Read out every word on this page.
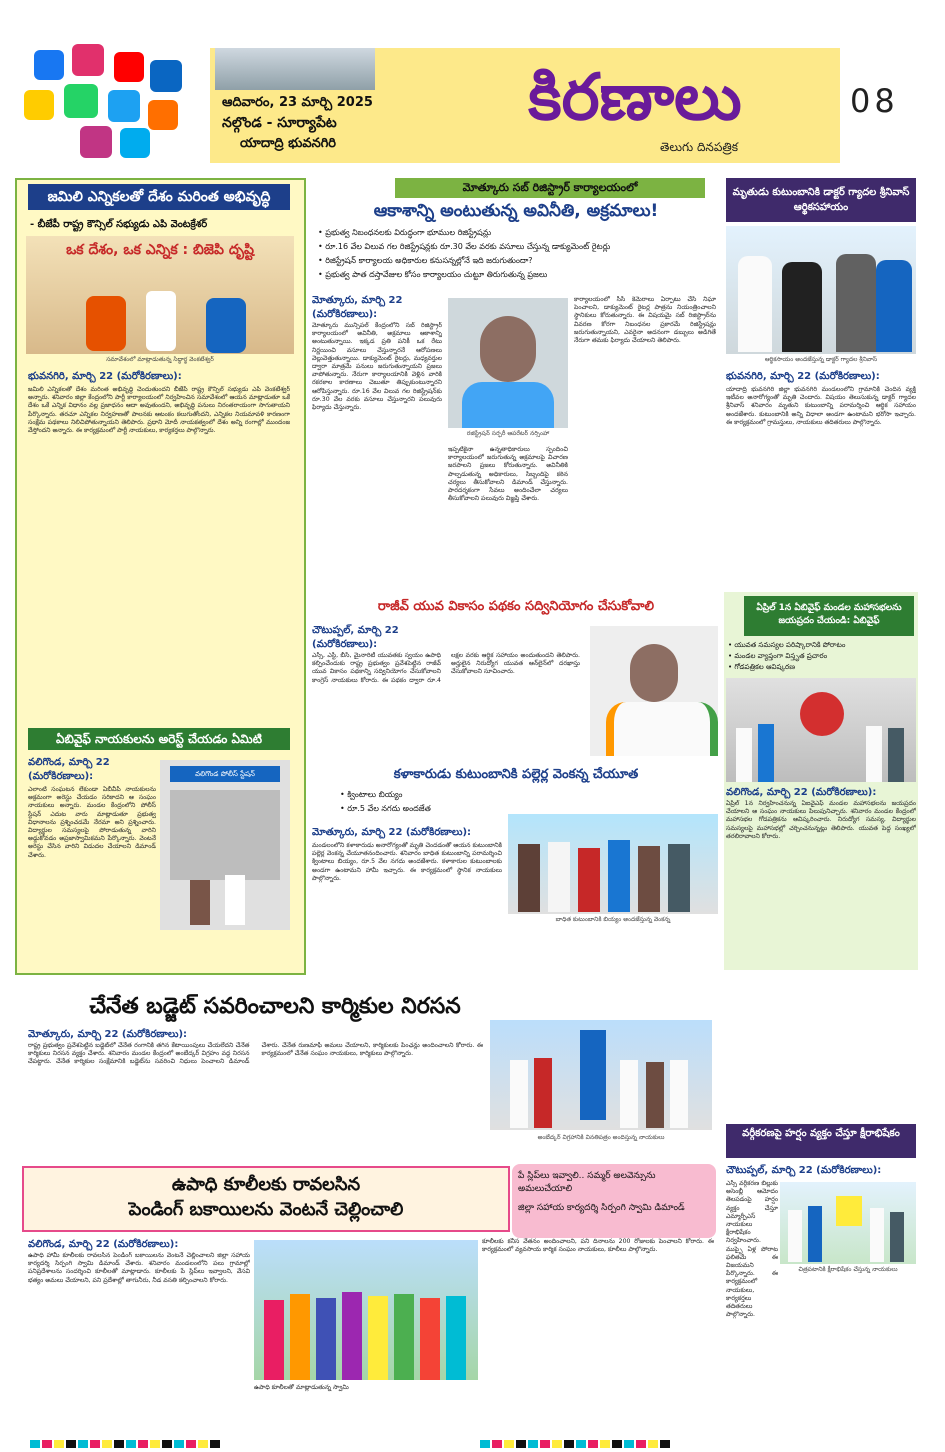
ఆదివారం, 23 మార్చి 2025
నల్గొండ - సూర్యాపేట
యాదాద్రి భువనగిరి
కిరణాలు
తెలుగు దినపత్రిక
08
జమిలి ఎన్నికలతో దేశం మరింత అభివృద్ధి
- బీజేపీ రాష్ట్ర కౌన్సిల్ సభ్యుడు ఎపి వెంటక్రేశర్
ఒక దేశం, ఒక ఎన్నిక : బిజెపి దృష్టి
సమావేశంలో మాట్లాడుతున్న సిద్ధార్థ వెంకటేశ్వర్
భువనగిరి, మార్చి 22 (మరోకిరణాలు):
జమిలి ఎన్నికలతో దేశం మరింత అభివృద్ధి చెందుతుందని బీజేపీ రాష్ట్ర కౌన్సిల్ సభ్యుడు ఎపి వెంకటేశ్వర్ అన్నారు. శనివారం జిల్లా కేంద్రంలోని పార్టీ కార్యాలయంలో నిర్వహించిన సమావేశంలో ఆయన మాట్లాడుతూ ఒకే దేశం ఒకే ఎన్నిక విధానం వల్ల ప్రజాధనం ఆదా అవుతుందని, అభివృద్ధి పనులు నిరంతరాయంగా సాగుతాయని పేర్కొన్నారు. తరచూ ఎన్నికల నిర్వహణతో పాలనకు ఆటంకం కలుగుతోందని, ఎన్నికల నియమావళి కారణంగా సంక్షేమ పథకాలు నిలిచిపోతున్నాయని తెలిపారు. ప్రధాని మోదీ నాయకత్వంలో దేశం అన్ని రంగాల్లో ముందంజ వేస్తోందని అన్నారు. ఈ కార్యక్రమంలో పార్టీ నాయకులు, కార్యకర్తలు పాల్గొన్నారు.
ఏబివైఫ్ నాయకులను అరెస్ట్ చేయడం ఏమిటి
వలిగొండ, మార్చి 22 (మరోకిరణాలు):
ఎలాంటి సంఘటన లేకుండా ఏబీవీపీ నాయకులను అక్రమంగా అరెస్టు చేయడం సరికాదని ఆ సంఘం నాయకులు అన్నారు. మండల కేంద్రంలోని పోలీస్ స్టేషన్ ఎదుట వారు మాట్లాడుతూ ప్రభుత్వ విధానాలను ప్రశ్నించడమే నేరమా అని ప్రశ్నించారు. విద్యార్థుల సమస్యలపై పోరాడుతున్న వారిని అడ్డుకోవడం అప్రజాస్వామికమని పేర్కొన్నారు. వెంటనే అరెస్టు చేసిన వారిని విడుదల చేయాలని డిమాండ్ చేశారు.
వలిగొండ పోలీస్ స్టేషన్
మోత్కూరు సబ్ రిజిస్ట్రార్ కార్యాలయంలో
ఆకాశాన్ని అంటుతున్న అవినీతి, అక్రమాలు!
• ప్రభుత్వ నిబంధనలకు విరుద్ధంగా భూముల రిజిస్ట్రేషన్లు
• రూ.16 వేల విలువ గల రిజిస్ట్రేషన్లకు రూ.30 వేల వరకు వసూలు చేస్తున్న డాక్యుమెంట్ రైటర్లు
• రిజిస్ట్రేషన్ కార్యాలయ అధికారుల కనుసన్నల్లోనే ఇది జరుగుతుందా?
• ప్రభుత్వ పాత దస్తావేజుల కోసం కార్యాలయం చుట్టూ తిరుగుతున్న ప్రజలు
మోత్కూరు, మార్చి 22 (మరోకిరణాలు):
మోత్కూరు మున్సిపల్ కేంద్రంలోని సబ్ రిజిస్ట్రార్ కార్యాలయంలో అవినీతి, అక్రమాలు ఆకాశాన్ని అంటుతున్నాయి. ఇక్కడ ప్రతి పనికీ ఒక రేటు నిర్ణయించి వసూలు చేస్తున్నారనే ఆరోపణలు వెల్లువెత్తుతున్నాయి. డాక్యుమెంట్ రైటర్లు, మధ్యవర్తుల ద్వారా మాత్రమే పనులు జరుగుతున్నాయని ప్రజలు వాపోతున్నారు. నేరుగా కార్యాలయానికి వెళ్లిన వారికి రకరకాల కారణాలు చెబుతూ తిప్పుకుంటున్నారని ఆరోపిస్తున్నారు. రూ.16 వేల విలువ గల రిజిస్ట్రేషన్‌కు రూ.30 వేల వరకు వసూలు చేస్తున్నారని పలువురు ఫిర్యాదు చేస్తున్నారు.
రజిస్ట్రేషన్ సర్ఫరీ ఆపరేటర్ నర్సింహా
ఇప్పటికైనా ఉన్నతాధికారులు స్పందించి కార్యాలయంలో జరుగుతున్న అక్రమాలపై విచారణ జరపాలని ప్రజలు కోరుతున్నారు. అవినీతికి పాల్పడుతున్న అధికారులు, సిబ్బందిపై కఠిన చర్యలు తీసుకోవాలని డిమాండ్ చేస్తున్నారు. పారదర్శకంగా సేవలు అందించేలా చర్యలు తీసుకోవాలని పలువురు విజ్ఞప్తి చేశారు.
కార్యాలయంలో సీసీ కెమెరాలు ఏర్పాటు చేసి నిఘా పెంచాలని, డాక్యుమెంట్ రైటర్ల పాత్రను నియంత్రించాలని స్థానికులు కోరుతున్నారు. ఈ విషయమై సబ్ రిజిస్ట్రార్‌ను వివరణ కోరగా నిబంధనల ప్రకారమే రిజిస్ట్రేషన్లు జరుగుతున్నాయని, ఎవరైనా అదనంగా డబ్బులు అడిగితే నేరుగా తమకు ఫిర్యాదు చేయాలని తెలిపారు.
రాజీవ్ యువ వికాసం పథకం సద్వినియోగం చేసుకోవాలి
చౌటుప్పల్, మార్చి 22 (మరోకిరణాలు):
ఎస్సీ, ఎస్టీ, బీసీ, మైనారిటీ యువతకు స్వయం ఉపాధి కల్పించేందుకు రాష్ట్ర ప్రభుత్వం ప్రవేశపెట్టిన రాజీవ్ యువ వికాసం పథకాన్ని సద్వినియోగం చేసుకోవాలని కాంగ్రెస్ నాయకులు కోరారు. ఈ పథకం ద్వారా రూ.4 లక్షల వరకు ఆర్థిక సహాయం అందుతుందని తెలిపారు. అర్హులైన నిరుద్యోగ యువత ఆన్‌లైన్‌లో దరఖాస్తు చేసుకోవాలని సూచించారు.
కళాకారుడు కుటుంబానికి పల్లెర్ల వెంకన్న చేయూత
• క్వింటాలు బియ్యం
• రూ.5 వేల నగదు అందజేత
మోత్కూరు, మార్చి 22 (మరోకిరణాలు):
మండలంలోని కళాకారుడు అనారోగ్యంతో మృతి చెందడంతో ఆయన కుటుంబానికి పల్లెర్ల వెంకన్న చేయూతనందించారు. శనివారం బాధిత కుటుంబాన్ని పరామర్శించి క్వింటాలు బియ్యం, రూ.5 వేల నగదు అందజేశారు. కళాకారుల కుటుంబాలకు అండగా ఉంటామని హామీ ఇచ్చారు. ఈ కార్యక్రమంలో స్థానిక నాయకులు పాల్గొన్నారు.
బాధిత కుటుంబానికి బియ్యం అందజేస్తున్న వెంకన్న
మృతుడు కుటుంబానికి డాక్టర్ గ్యాదల శ్రీనివాస్ ఆర్థికసహాయం
ఆర్థికసాయం అందజేస్తున్న డాక్టర్ గ్యాదల శ్రీనివాస్
భువనగిరి, మార్చి 22 (మరోకిరణాలు):
యాదాద్రి భువనగిరి జిల్లా భువనగిరి మండలంలోని గ్రామానికి చెందిన వ్యక్తి ఇటీవల అనారోగ్యంతో మృతి చెందారు. విషయం తెలుసుకున్న డాక్టర్ గ్యాదల శ్రీనివాస్ శనివారం మృతుని కుటుంబాన్ని పరామర్శించి ఆర్థిక సహాయం అందజేశారు. కుటుంబానికి అన్ని విధాలా అండగా ఉంటామని భరోసా ఇచ్చారు. ఈ కార్యక్రమంలో గ్రామస్తులు, నాయకులు తదితరులు పాల్గొన్నారు.
ఏప్రిల్ 1న ఏబివైఫ్ మండల మహాసభలను జయప్రదం చేయండి: ఏబివైఫ్
• యువత సమస్యల పరిష్కారానికి పోరాటం
• మండల వ్యాప్తంగా విస్తృత ప్రచారం
• గోడపత్రికల ఆవిష్కరణ
వలిగొండ, మార్చి 22 (మరోకిరణాలు):
ఏప్రిల్ 1న నిర్వహించనున్న ఏఐవైఎఫ్ మండల మహాసభలను జయప్రదం చేయాలని ఆ సంఘం నాయకులు పిలుపునిచ్చారు. శనివారం మండల కేంద్రంలో మహాసభల గోడపత్రికను ఆవిష్కరించారు. నిరుద్యోగ సమస్య, విద్యార్థుల సమస్యలపై మహాసభల్లో చర్చించనున్నట్లు తెలిపారు. యువత పెద్ద సంఖ్యలో తరలిరావాలని కోరారు.
చేనేత బడ్జెట్ సవరించాలని కార్మికుల నిరసన
మోత్కూరు, మార్చి 22 (మరోకిరణాలు):
రాష్ట్ర ప్రభుత్వం ప్రవేశపెట్టిన బడ్జెట్‌లో చేనేత రంగానికి తగిన కేటాయింపులు చేయలేదని చేనేత కార్మికులు నిరసన వ్యక్తం చేశారు. శనివారం మండల కేంద్రంలో అంబేద్కర్ విగ్రహం వద్ద నిరసన చేపట్టారు. చేనేత కార్మికుల సంక్షేమానికి బడ్జెట్‌ను సవరించి నిధులు పెంచాలని డిమాండ్ చేశారు. చేనేత రుణమాఫీ అమలు చేయాలని, కార్మికులకు పింఛన్లు అందించాలని కోరారు. ఈ కార్యక్రమంలో చేనేత సంఘం నాయకులు, కార్మికులు పాల్గొన్నారు.
అంబేద్కర్ విగ్రహానికి వినతిపత్రం అందిస్తున్న నాయకులు	వర్గీకరణపై హర్షం వ్యక్తం చేస్తూ క్షీరాభిషేకం
చౌటుప్పల్, మార్చి 22 (మరోకిరణాలు):
ఎస్సీ వర్గీకరణ బిల్లుకు అసెంబ్లీ ఆమోదం తెలపడంపై హర్షం వ్యక్తం చేస్తూ ఎమ్మార్పీఎస్ నాయకులు క్షీరాభిషేకం నిర్వహించారు. ముప్పై ఏళ్ల పోరాట ఫలితమే ఈ విజయమని పేర్కొన్నారు. ఈ కార్యక్రమంలో నాయకులు, కార్యకర్తలు తదితరులు పాల్గొన్నారు.
చిత్రపటానికి క్షీరాభిషేకం చేస్తున్న నాయకులు
ఉపాధి కూలీలకు రావలసిన
పెండింగ్ బకాయిలను వెంటనే చెల్లించాలి
పే స్లిప్‌లు ఇవ్వాలి.. సమ్మర్ అలవెన్సును అమలుచేయాలి
జిల్లా సహాయ కార్యదర్శి సిర్పంగి స్వామి డిమాండ్
వలిగొండ, మార్చి 22 (మరోకిరణాలు):
ఉపాధి హామీ కూలీలకు రావలసిన పెండింగ్ బకాయిలను వెంటనే చెల్లించాలని జిల్లా సహాయ కార్యదర్శి సిర్పంగి స్వామి డిమాండ్ చేశారు. శనివారం మండలంలోని పలు గ్రామాల్లో పనిప్రదేశాలను సందర్శించి కూలీలతో మాట్లాడారు. కూలీలకు పే స్లిప్‌లు ఇవ్వాలని, వేసవి భత్యం అమలు చేయాలని, పని ప్రదేశాల్లో తాగునీరు, నీడ వసతి కల్పించాలని కోరారు.
ఉపాధి కూలీలతో మాట్లాడుతున్న స్వామి
కూలీలకు కనీస వేతనం అందించాలని, పని దినాలను 200 రోజులకు పెంచాలని కోరారు. ఈ కార్యక్రమంలో వ్యవసాయ కార్మిక సంఘం నాయకులు, కూలీలు పాల్గొన్నారు.
